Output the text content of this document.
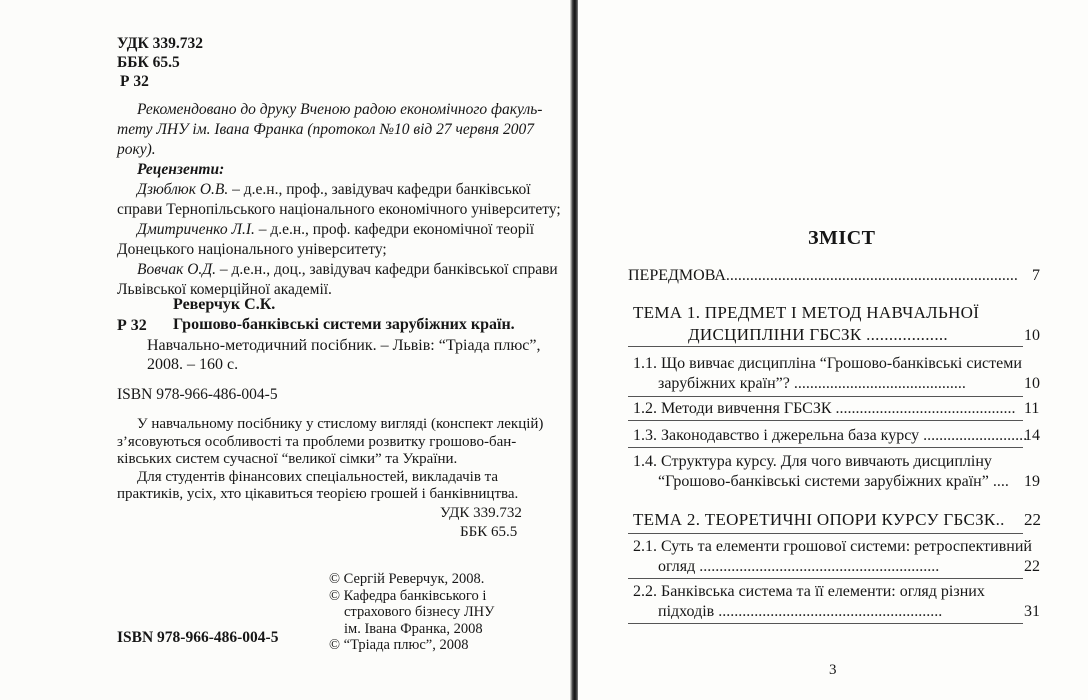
УДК 339.732
ББК 65.5
Р 32
Рекомендовано до друку Вченою радою економічного факуль-
тету ЛНУ ім. Івана Франка (протокол №10 від 27 червня 2007
року).
Рецензенти:
Дзюблюк О.В. – д.е.н., проф., завідувач кафедри банківської
справи Тернопільського національного економічного університету;
Дмитриченко Л.І. – д.е.н., проф. кафедри економічної теорії
Донецького національного університету;
Вовчак О.Д. – д.е.н., доц., завідувач кафедри банківської справи
Львівської комерційної академії.
Реверчук С.К.
Р 32 Грошово-банківські системи зарубіжних країн.
Навчально-методичний посібник. – Львів: “Тріада плюс”,
2008. – 160 с.
ISBN 978-966-486-004-5
У навчальному посібнику у стислому вигляді (конспект лекцій)
з’ясовуються особливості та проблеми розвитку грошово-бан-
ківських систем сучасної “великої сімки” та України.
Для студентів фінансових спеціальностей, викладачів та
практиків, усіх, хто цікавиться теорією грошей і банківництва.
УДК 339.732
ББК 65.5
© Сергій Реверчук, 2008.
© Кафедра банківського і
страхового бізнесу ЛНУ
ім. Івана Франка, 2008
© “Тріада плюс”, 2008
ISBN 978-966-486-004-5
ЗМІСТ
ПЕРЕДМОВА......................................................................... 7
ТЕМА 1. ПРЕДМЕТ І МЕТОД НАВЧАЛЬНОЇ
ДИСЦИПЛІНИ ГБСЗК ..................	10
1.1. Що вивчає дисципліна “Грошово-банківські системи
зарубіжних країн”? ...........................................	10
1.2. Методи вивчення ГБСЗК ............................................. 11
1.3. Законодавство і джерельна база курсу ..........................
14
1.4. Структура курсу. Для чого вивчають дисципліну
“Грошово-банківські системи зарубіжних країн” .... 19
ТЕМА 2. ТЕОРЕТИЧНІ ОПОРИ КУРСУ ГБСЗК.. 22
2.1. Суть та елементи грошової системи: ретроспективний
огляд ............................................................	22
2.2. Банківська система та її елементи: огляд різних
підходів ........................................................	31
3
